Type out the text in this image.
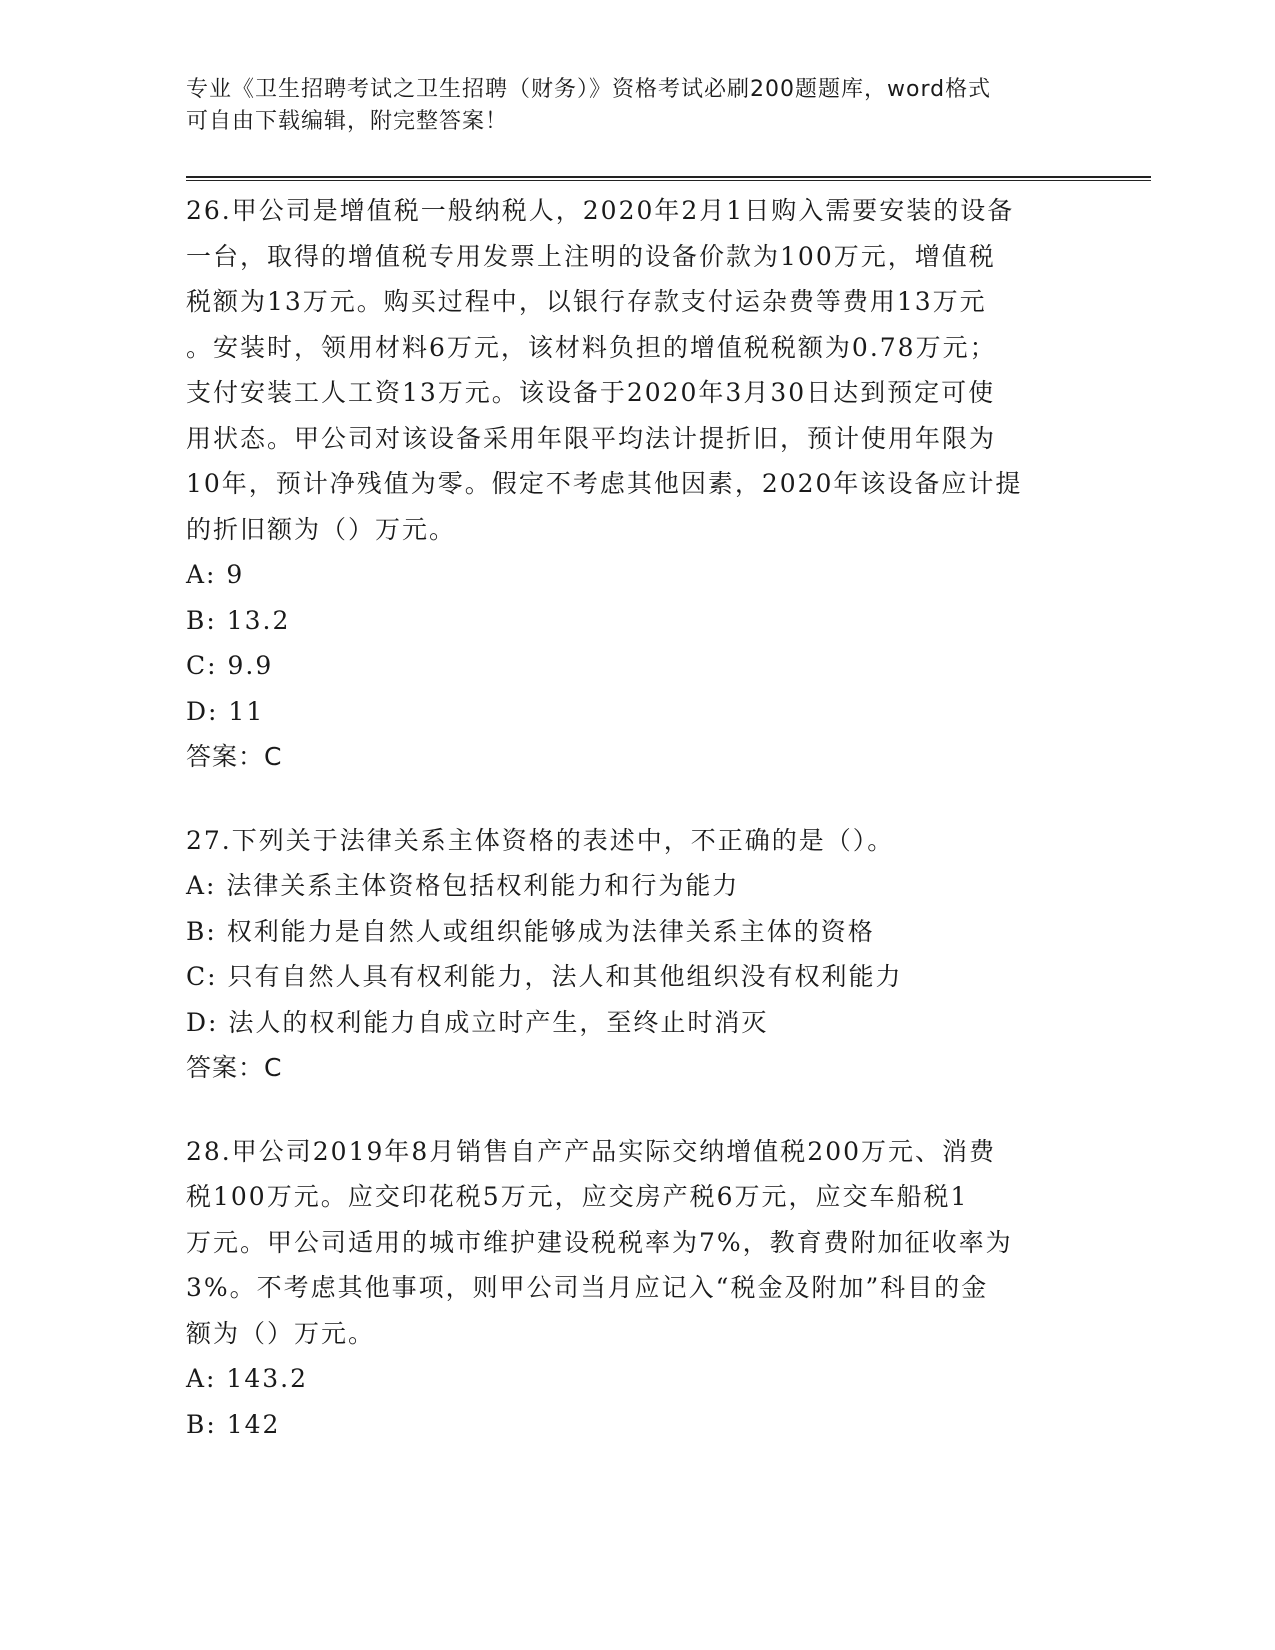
专业《卫生招聘考试之卫生招聘（财务）》资格考试必刷200题题库，word格式
可自由下载编辑，附完整答案！
26.甲公司是增值税一般纳税人，2020年2月1日购入需要安装的设备
一台，取得的增值税专用发票上注明的设备价款为100万元，增值税
税额为13万元。购买过程中，以银行存款支付运杂费等费用13万元
。安装时，领用材料6万元，该材料负担的增值税税额为0.78万元；
支付安装工人工资13万元。该设备于2020年3月30日达到预定可使
用状态。甲公司对该设备采用年限平均法计提折旧，预计使用年限为
10年，预计净残值为零。假定不考虑其他因素，2020年该设备应计提
的折旧额为（）万元。
A: 9
B: 13.2
C: 9.9
D: 11
答案：C
27.下列关于法律关系主体资格的表述中，不正确的是（）。
A: 法律关系主体资格包括权利能力和行为能力
B: 权利能力是自然人或组织能够成为法律关系主体的资格
C: 只有自然人具有权利能力，法人和其他组织没有权利能力
D: 法人的权利能力自成立时产生，至终止时消灭
答案：C
28.甲公司2019年8月销售自产产品实际交纳增值税200万元、消费
税100万元。应交印花税5万元，应交房产税6万元，应交车船税1
万元。甲公司适用的城市维护建设税税率为7%，教育费附加征收率为
3%。不考虑其他事项，则甲公司当月应记入“税金及附加”科目的金
额为（）万元。
A: 143.2
B: 142
